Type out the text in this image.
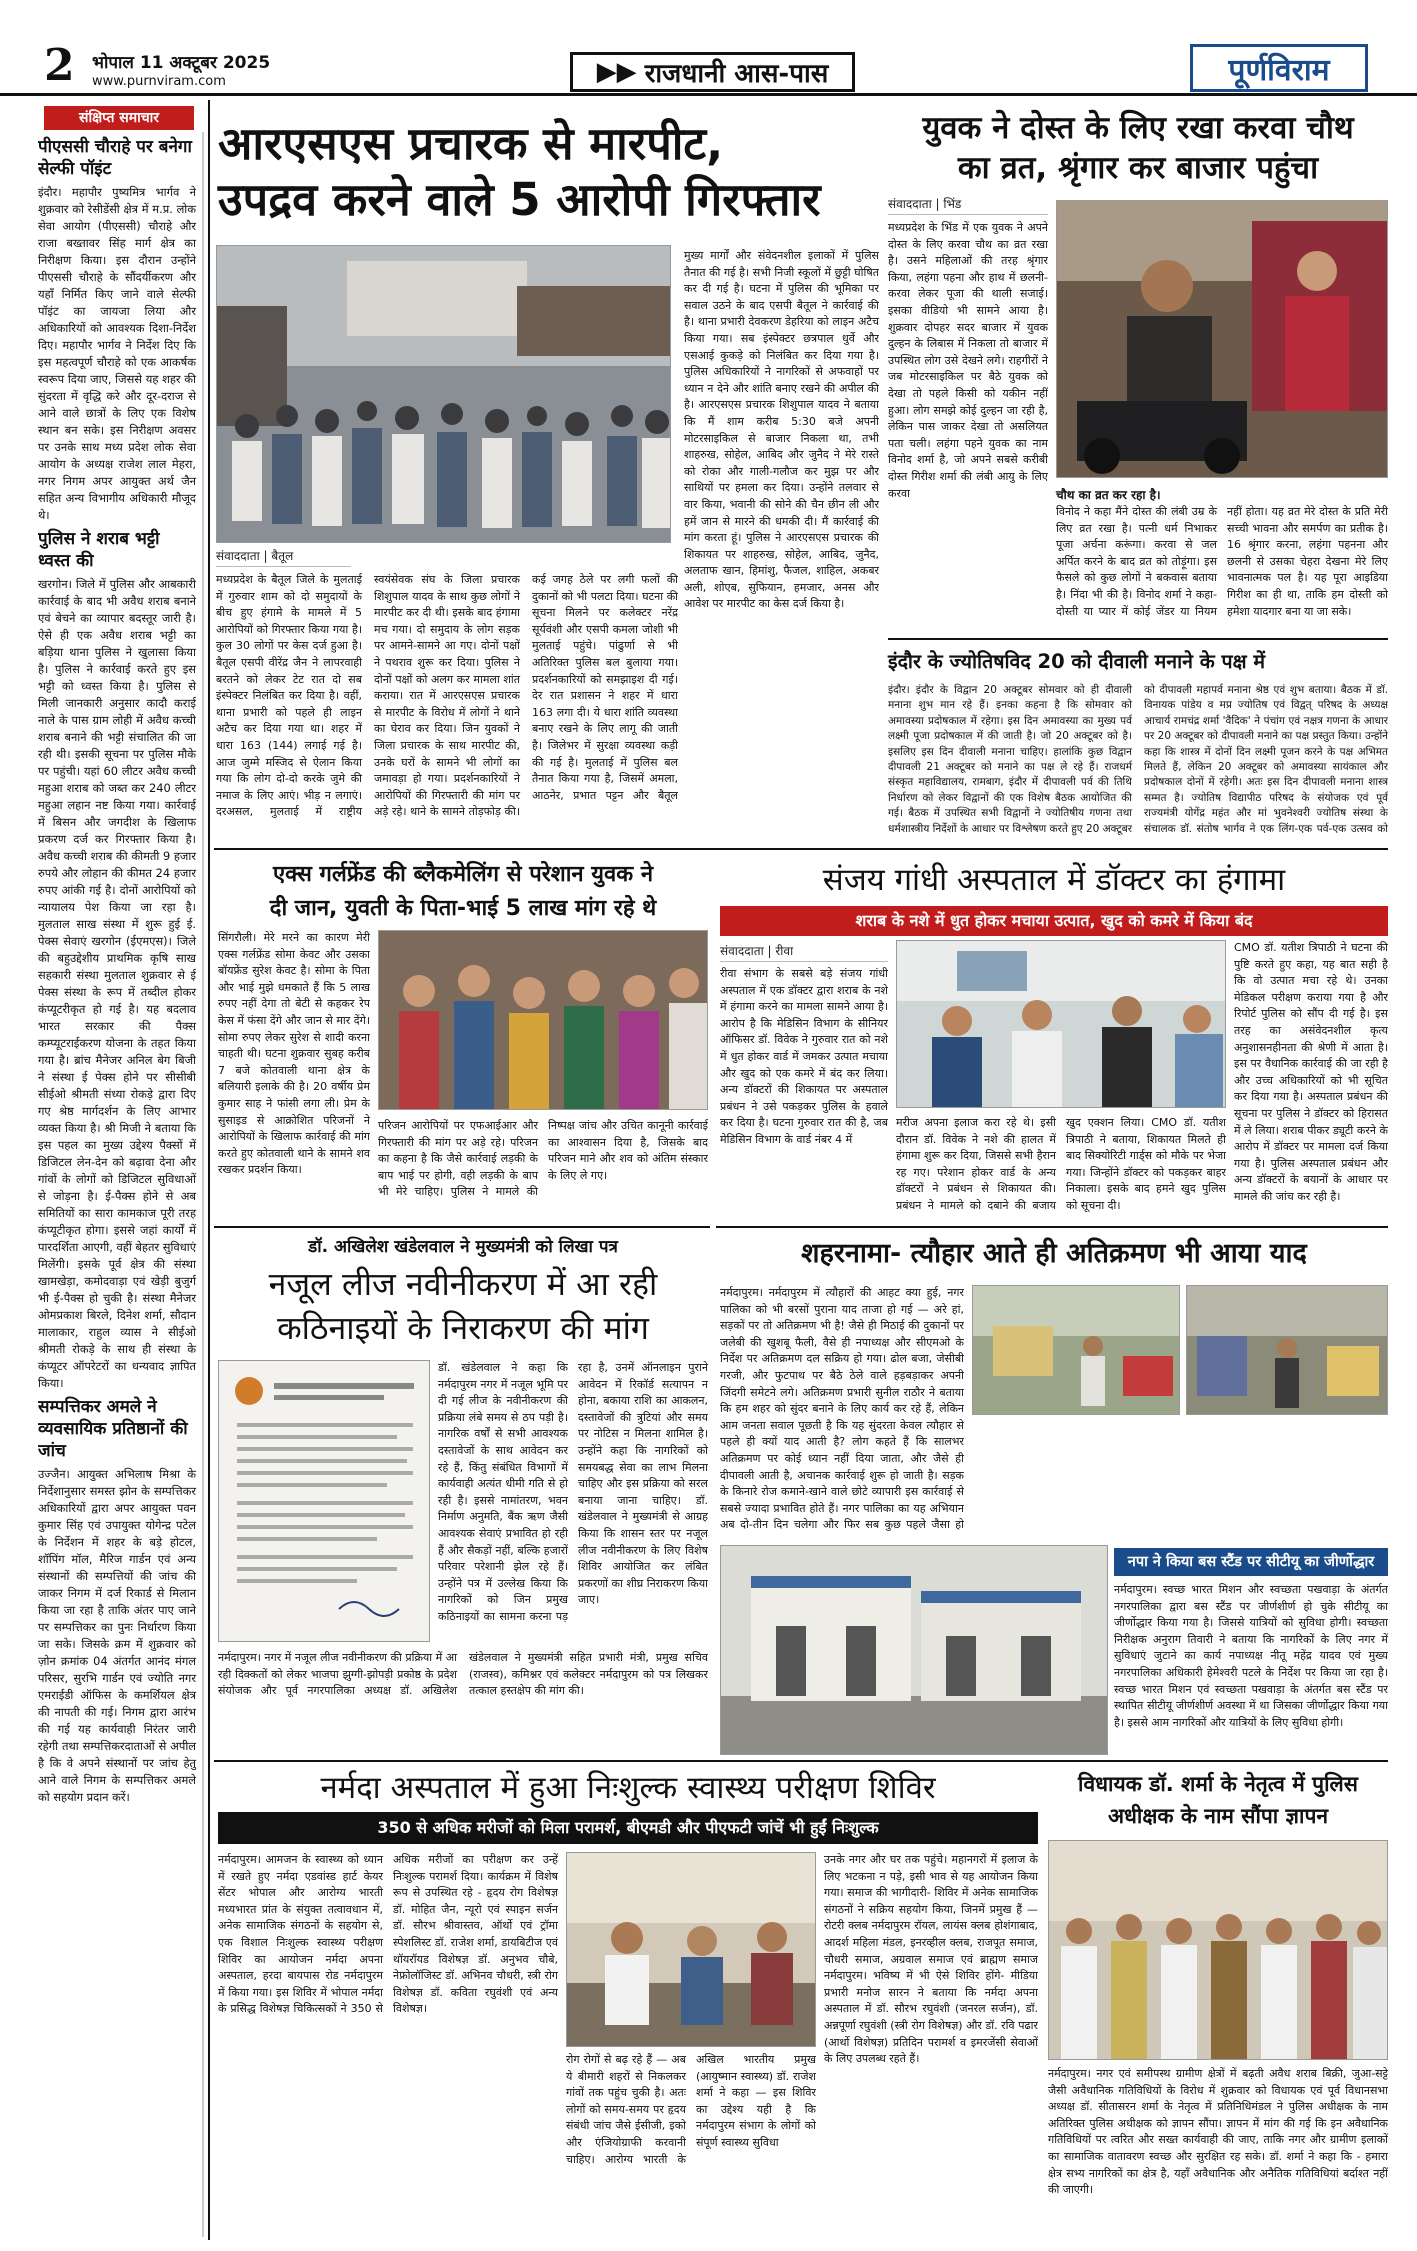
2 भोपाल 11 अक्टूबर 2025
www.purnviram.com	▶▶ राजधानी आस-पास	पूर्णविराम
संक्षिप्त समाचार
पीएससी चौराहे पर बनेगा सेल्फी पॉइंट

इंदौर। महापौर पुष्यमित्र भार्गव ने शुक्रवार को रेसीडेंसी क्षेत्र में म.प्र. लोक सेवा आयोग (पीएससी) चौराहे और राजा बख्तावर सिंह मार्ग क्षेत्र का निरीक्षण किया। इस दौरान उन्होंने पीएससी चौराहे के सौंदर्यीकरण और यहाँ निर्मित किए जाने वाले सेल्फी पॉइंट का जायजा लिया और अधिकारियों को आवश्यक दिशा-निर्देश दिए। महापौर भार्गव ने निर्देश दिए कि इस महत्वपूर्ण चौराहे को एक आकर्षक स्वरूप दिया जाए, जिससे यह शहर की सुंदरता में वृद्धि करे और दूर-दराज से आने वाले छात्रों के लिए एक विशेष स्थान बन सके। इस निरीक्षण अवसर पर उनके साथ मध्य प्रदेश लोक सेवा आयोग के अध्यक्ष राजेश लाल मेहरा, नगर निगम अपर आयुक्त अर्थ जैन सहित अन्य विभागीय अधिकारी मौजूद थे।

पुलिस ने शराब भट्टी ध्वस्त की

खरगोन। जिले में पुलिस और आबकारी कार्रवाई के बाद भी अवैध शराब बनाने एवं बेचने का व्यापार बदस्तूर जारी है। ऐसे ही एक अवैध शराब भट्टी का बड़िया थाना पुलिस ने खुलासा किया है। पुलिस ने कार्रवाई करते हुए इस भट्टी को ध्वस्त किया है। पुलिस से मिली जानकारी अनुसार कादौ कराई नाले के पास ग्राम लोही में अवैध कच्ची शराब बनाने की भट्टी संचालित की जा रही थी। इसकी सूचना पर पुलिस मौके पर पहुंची। यहां 60 लीटर अवैध कच्ची महुआ शराब को जब्त कर 240 लीटर महुआ लहान नष्ट किया गया। कार्रवाई में बिसन और जगदीश के खिलाफ प्रकरण दर्ज कर गिरफ्तार किया है। अवैध कच्ची शराब की कीमती 9 हजार रुपये और लोहान की कीमत 24 हजार रुपए आंकी गई है। दोनों आरोपियों को न्यायालय पेश किया जा रहा है। मुलताल साख संस्था में शुरू हुई ई. पेक्स सेवाएं खरगोन (ईएमएस)। जिले की बहुउद्देशीय प्राथमिक कृषि साख सहकारी संस्था मुलताल शुक्रवार से ई पेक्स संस्था के रूप में तब्दील होकर कंप्यूटरीकृत हो गई है। यह बदलाव भारत सरकार की पैक्स कम्प्यूटराईकरण योजना के तहत किया गया है। ब्रांच मैनेजर अनिल बेग बिजी ने संस्था ई पेक्स होने पर सीसीबी सीईओ श्रीमती संध्या रोकड़े द्वारा दिए गए श्रेष्ठ मार्गदर्शन के लिए आभार व्यक्त किया है। श्री मिजी ने बताया कि इस पहल का मुख्य उद्देश्य पैक्सों में डिजिटल लेन-देन को बढ़ावा देना और गांवों के लोगों को डिजिटल सुविधाओं से जोड़ना है। ई-पैक्स होने से अब समितियों का सारा कामकाज पूरी तरह कंप्यूटीकृत होगा। इससे जहां कार्यों में पारदर्शिता आएगी, वहीं बेहतर सुविधाएं मिलेंगी। इसके पूर्व क्षेत्र की संस्था खामखेड़ा, कमोदवाड़ा एवं खेड़ी बुजुर्ग भी ई-पैक्स हो चुकी है। संस्था मैनेजर ओमप्रकाश बिरले, दिनेश शर्मा, सौदान मालाकार, राहुल व्यास ने सीईओ श्रीमती रोकड़े के साथ ही संस्था के कंप्यूटर ऑपरेटरों का धन्यवाद ज्ञापित किया।

सम्पत्तिकर अमले ने व्यवसायिक प्रतिष्ठानों की जांच

उज्जैन। आयुक्त अभिलाष मिश्रा के निर्देशानुसार समस्त झोन के सम्पत्तिकर अधिकारियों द्वारा अपर आयुक्त पवन कुमार सिंह एवं उपायुक्त योगेन्द्र पटेल के निर्देशन में शहर के बड़े होटल, शॉपिंग मॉल, मैरिज गार्डन एवं अन्य संस्थानों की सम्पत्तियों की जांच की जाकर निगम में दर्ज रिकार्ड से मिलान किया जा रहा है ताकि अंतर पाए जाने पर सम्पत्तिकर का पुनः निर्धारण किया जा सके। जिसके क्रम में शुक्रवार को ज़ोन क्रमांक 04 अंतर्गत आनंद मंगल परिसर, सुरभि गार्डन एवं ज्योति नगर एमराईडी ऑफिस के कमर्शियल क्षेत्र की नापती की गई। निगम द्वारा आरंभ की गई यह कार्यवाही निरंतर जारी रहेगी तथा सम्पत्तिकरदाताओं से अपील है कि वे अपने संस्थानों पर जांच हेतु आने वाले निगम के सम्पत्तिकर अमले को सहयोग प्रदान करें।

आरएसएस प्रचारक से मारपीट,
उपद्रव करने वाले 5 आरोपी गिरफ्तार
मुख्य मार्गों और संवेदनशील इलाकों में पुलिस तैनात की गई है। सभी निजी स्कूलों में छुट्टी घोषित कर दी गई है। घटना में पुलिस की भूमिका पर सवाल उठने के बाद एसपी बैतूल ने कार्रवाई की है। थाना प्रभारी देवकरण डेहरिया को लाइन अटैच किया गया। सब इंस्पेक्टर छत्रपाल धुर्वे और एसआई कुकड़े को निलंबित कर दिया गया है। पुलिस अधिकारियों ने नागरिकों से अफवाहों पर ध्यान न देने और शांति बनाए रखने की अपील की है। आरएसएस प्रचारक शिशुपाल यादव ने बताया कि मैं शाम करीब 5:30 बजे अपनी मोटरसाइकिल से बाजार निकला था, तभी शाहरुख, सोहेल, आबिद और जुनैद ने मेरे रास्ते को रोका और गाली-गलौज कर मुझ पर और साथियों पर हमला कर दिया। उन्होंने तलवार से वार किया, भवानी की सोने की चैन छीन ली और हमें जान से मारने की धमकी दी। मैं कार्रवाई की मांग करता हूं। पुलिस ने आरएसएस प्रचारक की शिकायत पर शाहरुख, सोहेल, आबिद, जुनैद, अलताफ खान, हिमांशु, फैजल, शाहिल, अकबर अली, शोएब, सुफियान, हमजार, अनस और आवेश पर मारपीट का केस दर्ज किया है।
संवाददाता | बैतूल
मध्यप्रदेश के बैतूल जिले के मुलताई में गुरुवार शाम को दो समुदायों के बीच हुए हंगामे के मामले में 5 आरोपियों को गिरफ्तार किया गया है। कुल 30 लोगों पर केस दर्ज हुआ है। बैतूल एसपी वीरेंद्र जैन ने लापरवाही बरतने को लेकर टेट रात दो सब इंस्पेक्टर निलंबित कर दिया है। वहीं, थाना प्रभारी को पहले ही लाइन अटैच कर दिया गया था। शहर में धारा 163 (144) लगाई गई है। आज जुम्मे मस्जिद से ऐलान किया गया कि लोग दो-दो करके जुमे की नमाज के लिए आएं। भीड़ न लगाएं। दरअसल, मुलताई में राष्ट्रीय स्वयंसेवक संघ के जिला प्रचारक शिशुपाल यादव के साथ कुछ लोगों ने मारपीट कर दी थी। इसके बाद हंगामा मच गया। दो समुदाय के लोग सड़क पर आमने-सामने आ गए। दोनों पक्षों ने पथराव शुरू कर दिया। पुलिस ने दोनों पक्षों को अलग कर मामला शांत कराया। रात में आरएसएस प्रचारक से मारपीट के विरोध में लोगों ने थाने का घेराव कर दिया। जिन युवकों ने जिला प्रचारक के साथ मारपीट की, उनके घरों के सामने भी लोगों का जमावड़ा हो गया। प्रदर्शनकारियों ने आरोपियों की गिरफ्तारी की मांग पर अड़े रहे। थाने के सामने तोड़फोड़ की। कई जगह ठेले पर लगी फलों की दुकानों को भी पलटा दिया। घटना की सूचना मिलने पर कलेक्टर नरेंद्र सूर्यवंशी और एसपी कमला जोशी भी मुलताई पहुंचे। पांढुर्णा से भी अतिरिक्त पुलिस बल बुलाया गया। प्रदर्शनकारियों को समझाइश दी गई। देर रात प्रशासन ने शहर में धारा 163 लगा दी। ये धारा शांति व्यवस्था बनाए रखने के लिए लागू की जाती है। जिलेभर में सुरक्षा व्यवस्था कड़ी की गई है। मुलताई में पुलिस बल तैनात किया गया है, जिसमें अमला, आठनेर, प्रभात पट्टन और बैतूल
युवक ने दोस्त के लिए रखा करवा चौथ
का व्रत, श्रृंगार कर बाजार पहुंचा
संवाददाता | भिंड
मध्यप्रदेश के भिंड में एक युवक ने अपने दोस्त के लिए करवा चौथ का व्रत रखा है। उसने महिलाओं की तरह श्रृंगार किया, लहंगा पहना और हाथ में छलनी-करवा लेकर पूजा की थाली सजाई। इसका वीडियो भी सामने आया है। शुक्रवार दोपहर सदर बाजार में युवक दुल्हन के लिबास में निकला तो बाजार में उपस्थित लोग उसे देखने लगे। राहगीरों ने जब मोटरसाइकिल पर बैठे युवक को देखा तो पहले किसी को यकीन नहीं हुआ। लोग समझे कोई दुल्हन जा रही है, लेकिन पास जाकर देखा तो असलियत पता चली। लहंगा पहने युवक का नाम विनोद शर्मा है, जो अपने सबसे करीबी दोस्त गिरीश शर्मा की लंबी आयु के लिए करवा	चौथ का व्रत कर रहा है।
विनोद ने कहा मैंने दोस्त की लंबी उम्र के लिए व्रत रखा है। पत्नी धर्म निभाकर पूजा अर्चना करूंगा। करवा से जल अर्पित करने के बाद व्रत को तोड़ूंगा। इस फैसले को कुछ लोगों ने बकवास बताया है। निंदा भी की है। विनोद शर्मा ने कहा- दोस्ती या प्यार में कोई जेंडर या नियम नहीं होता। यह व्रत मेरे दोस्त के प्रति मेरी सच्ची भावना और समर्पण का प्रतीक है। 16 श्रृंगार करना, लहंगा पहनना और छलनी से उसका चेहरा देखना मेरे लिए भावनात्मक पल है। यह पूरा आइडिया गिरीश का ही था, ताकि हम दोस्ती को हमेशा यादगार बना या जा सके।
इंदौर के ज्योतिषविद 20 को दीवाली मनाने के पक्ष में
इंदौर। इंदौर के विद्वान 20 अक्टूबर सोमवार को ही दीवाली मनाना शुभ मान रहे हैं। इनका कहना है कि सोमवार को अमावस्या प्रदोषकाल में रहेगा। इस दिन अमावस्या का मुख्य पर्व लक्ष्मी पूजा प्रदोषकाल में की जाती है। जो 20 अक्टूबर को है। इसलिए इस दिन दीवाली मनाना चाहिए। हालांकि कुछ विद्वान दीपावली 21 अक्टूबर को मनाने का पक्ष ले रहे हैं। राजधर्म संस्कृत महाविद्यालय, रामबाग, इंदौर में दीपावली पर्व की तिथि निर्धारण को लेकर विद्वानों की एक विशेष बैठक आयोजित की गई। बैठक में उपस्थित सभी विद्वानों ने ज्योतिषीय गणना तथा धर्मशास्त्रीय निर्देशों के आधार पर विश्लेषण करते हुए 20 अक्टूबर को दीपावली महापर्व मनाना श्रेष्ठ एवं शुभ बताया। बैठक में डॉ. विनायक पांडेय व मप्र ज्योतिष एवं विद्वत् परिषद के अध्यक्ष आचार्य रामचंद्र शर्मा 'वैदिक' ने पंचांग एवं नक्षत्र गणना के आधार पर 20 अक्टूबर को दीपावली मनाने का पक्ष प्रस्तुत किया। उन्होंने कहा कि शास्त्र में दोनों दिन लक्ष्मी पूजन करने के पक्ष अभिमत मिलते हैं, लेकिन 20 अक्टूबर को अमावस्या सायंकाल और प्रदोषकाल दोनों में रहेगी। अतः इस दिन दीपावली मनाना शास्त्र सम्मत है। ज्योतिष विद्यापीठ परिषद के संयोजक एवं पूर्व राज्यमंत्री योगेंद्र महंत और मां भुवनेश्वरी ज्योतिष संस्था के संचालक डॉ. संतोष भार्गव ने एक लिंग-एक पर्व-एक उत्सव को
एक्स गर्लफ्रेंड की ब्लैकमेलिंग से परेशान युवक ने
दी जान, युवती के पिता-भाई 5 लाख मांग रहे थे
सिंगरौली। मेरे मरने का कारण मेरी एक्स गर्लफ्रेंड सोमा केवट और उसका बॉयफ्रेंड सुरेश केवट है। सोमा के पिता और भाई मुझे धमकाते हैं कि 5 लाख रुपए नहीं देगा तो बेटी से कहकर रेप केस में फंसा देंगे और जान से मार देंगे। सोमा रुपए लेकर सुरेश से शादी करना चाहती थी। घटना शुक्रवार सुबह करीब 7 बजे कोतवाली थाना क्षेत्र के बलियारी इलाके की है। 20 वर्षीय प्रेम कुमार साह ने फांसी लगा ली। प्रेम के सुसाइड से आक्रोशित परिजनों ने आरोपियों के खिलाफ कार्रवाई की मांग करते हुए कोतवाली थाने के सामने शव रखकर प्रदर्शन किया।
परिजन आरोपियों पर एफआईआर और गिरफ्तारी की मांग पर अड़े रहे। परिजन का कहना है कि जैसे कार्रवाई लड़की के बाप भाई पर होगी, वही लड़की के बाप भी मेरे चाहिए। पुलिस ने मामले की निष्पक्ष जांच और उचित कानूनी कार्रवाई का आश्वासन दिया है, जिसके बाद परिजन माने और शव को अंतिम संस्कार के लिए ले गए।
डॉ. अखिलेश खंडेलवाल ने मुख्यमंत्री को लिखा पत्र
नजूल लीज नवीनीकरण में आ रही
कठिनाइयों के निराकरण की मांग
डॉ. खंडेलवाल ने कहा कि नर्मदापुरम नगर में नजूल भूमि पर दी गई लीज के नवीनीकरण की प्रक्रिया लंबे समय से ठप पड़ी है। नागरिक वर्षों से सभी आवश्यक दस्तावेजों के साथ आवेदन कर रहे हैं, किंतु संबंधित विभागों में कार्यवाही अत्यंत धीमी गति से हो रही है। इससे नामांतरण, भवन निर्माण अनुमति, बैंक ऋण जैसी आवश्यक सेवाएं प्रभावित हो रही हैं और सैकड़ों नहीं, बल्कि हजारों परिवार परेशानी झेल रहे हैं। उन्होंने पत्र में उल्लेख किया कि नागरिकों को जिन प्रमुख कठिनाइयों का सामना करना पड़ रहा है, उनमें ऑनलाइन पुराने आवेदन में रिकॉर्ड सत्यापन न होना, बकाया राशि का आकलन, दस्तावेजों की त्रुटियां और समय पर नोटिस न मिलना शामिल है। उन्होंने कहा कि नागरिकों को समयबद्ध सेवा का लाभ मिलना चाहिए और इस प्रक्रिया को सरल बनाया जाना चाहिए। डॉ. खंडेलवाल ने मुख्यमंत्री से आग्रह किया कि शासन स्तर पर नजूल लीज नवीनीकरण के लिए विशेष शिविर आयोजित कर लंबित प्रकरणों का शीघ्र निराकरण किया जाए।
नर्मदापुरम। नगर में नजूल लीज नवीनीकरण की प्रक्रिया में आ रही दिक्कतों को लेकर भाजपा झुग्गी-झोपड़ी प्रकोष्ठ के प्रदेश संयोजक और पूर्व नगरपालिका अध्यक्ष डॉ. अखिलेश खंडेलवाल ने मुख्यमंत्री सहित प्रभारी मंत्री, प्रमुख सचिव (राजस्व), कमिश्नर एवं कलेक्टर नर्मदापुरम को पत्र लिखकर तत्काल हस्तक्षेप की मांग की।
संजय गांधी अस्पताल में डॉक्टर का हंगामा
शराब के नशे में धुत होकर मचाया उत्पात, खुद को कमरे में किया बंद
संवाददाता | रीवा
रीवा संभाग के सबसे बड़े संजय गांधी अस्पताल में एक डॉक्टर द्वारा शराब के नशे में हंगामा करने का मामला सामने आया है। आरोप है कि मेडिसिन विभाग के सीनियर ऑफिसर डॉ. विवेक ने गुरुवार रात को नशे में धुत होकर वार्ड में जमकर उत्पात मचाया और खुद को एक कमरे में बंद कर लिया। अन्य डॉक्टरों की शिकायत पर अस्पताल प्रबंधन ने उसे पकड़कर पुलिस के हवाले कर दिया है। घटना गुरुवार रात की है, जब मेडिसिन विभाग के वार्ड नंबर 4 में
मरीज अपना इलाज करा रहे थे। इसी दौरान डॉ. विवेक ने नशे की हालत में हंगामा शुरू कर दिया, जिससे सभी हैरान रह गए। परेशान होकर वार्ड के अन्य डॉक्टरों ने प्रबंधन से शिकायत की। प्रबंधन ने मामले को दबाने की बजाय खुद एक्शन लिया। CMO डॉ. यतीश त्रिपाठी ने बताया, शिकायत मिलते ही बाद सिक्योरिटी गार्ड्स को मौके पर भेजा गया। जिन्होंने डॉक्टर को पकड़कर बाहर निकाला। इसके बाद हमने खुद पुलिस को सूचना दी।
CMO डॉ. यतीश त्रिपाठी ने घटना की पुष्टि करते हुए कहा, यह बात सही है कि वो उत्पात मचा रहे थे। उनका मेडिकल परीक्षण कराया गया है और रिपोर्ट पुलिस को सौंप दी गई है। इस तरह का असंवेदनशील कृत्य अनुशासनहीनता की श्रेणी में आता है। इस पर वैधानिक कार्रवाई की जा रही है और उच्च अधिकारियों को भी सूचित कर दिया गया है। अस्पताल प्रबंधन की सूचना पर पुलिस ने डॉक्टर को हिरासत में ले लिया। शराब पीकर ड्यूटी करने के आरोप में डॉक्टर पर मामला दर्ज किया गया है। पुलिस अस्पताल प्रबंधन और अन्य डॉक्टरों के बयानों के आधार पर मामले की जांच कर रही है।
शहरनामा- त्यौहार आते ही अतिक्रमण भी आया याद
नर्मदापुरम। नर्मदापुरम में त्यौहारों की आहट क्या हुई, नगर पालिका को भी बरसों पुराना याद ताजा हो गई — अरे हां, सड़कों पर तो अतिक्रमण भी है! जैसे ही मिठाई की दुकानों पर जलेबी की खुशबू फैली, वैसे ही नपाध्यक्ष और सीएमओ के निर्देश पर अतिक्रमण दल सक्रिय हो गया। ढोल बजा, जेसीबी गरजी, और फुटपाथ पर बैठे ठेले वाले हड़बड़ाकर अपनी जिंदगी समेटने लगे। अतिक्रमण प्रभारी सुनील राठौर ने बताया कि हम शहर को सुंदर बनाने के लिए कार्य कर रहे हैं, लेकिन आम जनता सवाल पूछती है कि यह सुंदरता केवल त्यौहार से पहले ही क्यों याद आती है? लोग कहते हैं कि सालभर अतिक्रमण पर कोई ध्यान नहीं दिया जाता, और जैसे ही दीपावली आती है, अचानक कार्रवाई शुरू हो जाती है। सड़क के किनारे रोज कमाने-खाने वाले छोटे व्यापारी इस कार्रवाई से सबसे ज्यादा प्रभावित होते हैं। नगर पालिका का यह अभियान अब दो-तीन दिन चलेगा और फिर सब कुछ पहले जैसा हो
नपा ने किया बस स्टैंड पर सीटीयू का जीर्णोद्धार
नर्मदापुरम। स्वच्छ भारत मिशन और स्वच्छता पखवाड़ा के अंतर्गत नगरपालिका द्वारा बस स्टैंड पर जीर्णशीर्ण हो चुके सीटीयू का जीर्णोद्धार किया गया है। जिससे यात्रियों को सुविधा होगी। स्वच्छता निरीक्षक अनुराग तिवारी ने बताया कि नागरिकों के लिए नगर में सुविधाएं जुटाने का कार्य नपाध्यक्ष नीतू महेंद्र यादव एवं मुख्य नगरपालिका अधिकारी हेमेश्वरी पटले के निर्देश पर किया जा रहा है। स्वच्छ भारत मिशन एवं स्वच्छता पखवाड़ा के अंतर्गत बस स्टैंड पर स्थापित सीटीयू जीर्णशीर्ण अवस्था में था जिसका जीर्णोद्धार किया गया है। इससे आम नागरिकों और यात्रियों के लिए सुविधा होगी।
नर्मदा अस्पताल में हुआ निःशुल्क स्वास्थ्य परीक्षण शिविर
350 से अधिक मरीजों को मिला परामर्श, बीएमडी और पीएफटी जांचें भी हुईं निःशुल्क
नर्मदापुरम। आमजन के स्वास्थ्य को ध्यान में रखते हुए नर्मदा एडवांस्ड हार्ट केयर सेंटर भोपाल और आरोग्य भारती मध्यभारत प्रांत के संयुक्त तत्वावधान में, अनेक सामाजिक संगठनों के सहयोग से, एक विशाल निःशुल्क स्वास्थ्य परीक्षण शिविर का आयोजन नर्मदा अपना अस्पताल, हरदा बायपास रोड नर्मदापुरम में किया गया। इस शिविर में भोपाल नर्मदा के प्रसिद्ध विशेषज्ञ चिकित्सकों ने 350 से अधिक मरीजों का परीक्षण कर उन्हें निःशुल्क परामर्श दिया। कार्यक्रम में विशेष रूप से उपस्थित रहे - हृदय रोग विशेषज्ञ डॉ. मोहित जैन, न्यूरो एवं स्पाइन सर्जन डॉ. सौरभ श्रीवास्तव, ऑर्थो एवं ट्रॉमा स्पेशलिस्ट डॉ. राजेश शर्मा, डायबिटीज एवं थॉयरॉयड विशेषज्ञ डॉ. अनुभव चौबे, नेफ्रोलॉजिस्ट डॉ. अभिनव चौधरी, स्त्री रोग विशेषज्ञ डॉ. कविता रघुवंशी एवं अन्य विशेषज्ञ।
रोग रोगों से बढ़ रहे हैं — अब ये बीमारी शहरों से निकलकर गांवों तक पहुंच चुकी है। अतः लोगों को समय-समय पर हृदय संबंधी जांच जैसे ईसीजी, इको और एंजियोग्राफी करवानी चाहिए। आरोग्य भारती के अखिल भारतीय प्रमुख (आयुष्मान स्वास्थ्य) डॉ. राजेश शर्मा ने कहा — इस शिविर का उद्देश्य यही है कि नर्मदापुरम संभाग के लोगों को संपूर्ण स्वास्थ्य सुविधा
उनके नगर और घर तक पहुंचे। महानगरों में इलाज के लिए भटकना न पड़े, इसी भाव से यह आयोजन किया गया। समाज की भागीदारी- शिविर में अनेक सामाजिक संगठनों ने सक्रिय सहयोग किया, जिनमें प्रमुख हैं — रोटरी क्लब नर्मदापुरम रॉयल, लायंस क्लब होशंगाबाद, आदर्श महिला मंडल, इनरव्हील क्लब, राजपूत समाज, चौधरी समाज, अग्रवाल समाज एवं ब्राह्मण समाज नर्मदापुरम। भविष्य में भी ऐसे शिविर होंगे- मीडिया प्रभारी मनोज सारन ने बताया कि नर्मदा अपना अस्पताल में डॉ. सौरभ रघुवंशी (जनरल सर्जन), डॉ. अन्नपूर्णा रघुवंशी (स्त्री रोग विशेषज्ञ) और डॉ. रवि पढार (आर्थो विशेषज्ञ) प्रतिदिन परामर्श व इमरजेंसी सेवाओं के लिए उपलब्ध रहते हैं।
विधायक डॉ. शर्मा के नेतृत्व में पुलिस
अधीक्षक के नाम सौंपा ज्ञापन
नर्मदापुरम। नगर एवं समीपस्थ ग्रामीण क्षेत्रों में बढ़ती अवैध शराब बिक्री, जुआ-सट्टे जैसी अवैधानिक गतिविधियों के विरोध में शुक्रवार को विधायक एवं पूर्व विधानसभा अध्यक्ष डॉ. सीतासरन शर्मा के नेतृत्व में प्रतिनिधिमंडल ने पुलिस अधीक्षक के नाम अतिरिक्त पुलिस अधीक्षक को ज्ञापन सौंपा। ज्ञापन में मांग की गई कि इन अवैधानिक गतिविधियों पर त्वरित और सख्त कार्यवाही की जाए, ताकि नगर और ग्रामीण इलाकों का सामाजिक वातावरण स्वच्छ और सुरक्षित रह सके। डॉ. शर्मा ने कहा कि - हमारा क्षेत्र सभ्य नागरिकों का क्षेत्र है, यहाँ अवैधानिक और अनैतिक गतिविधियां बर्दाश्त नहीं की जाएगी।
